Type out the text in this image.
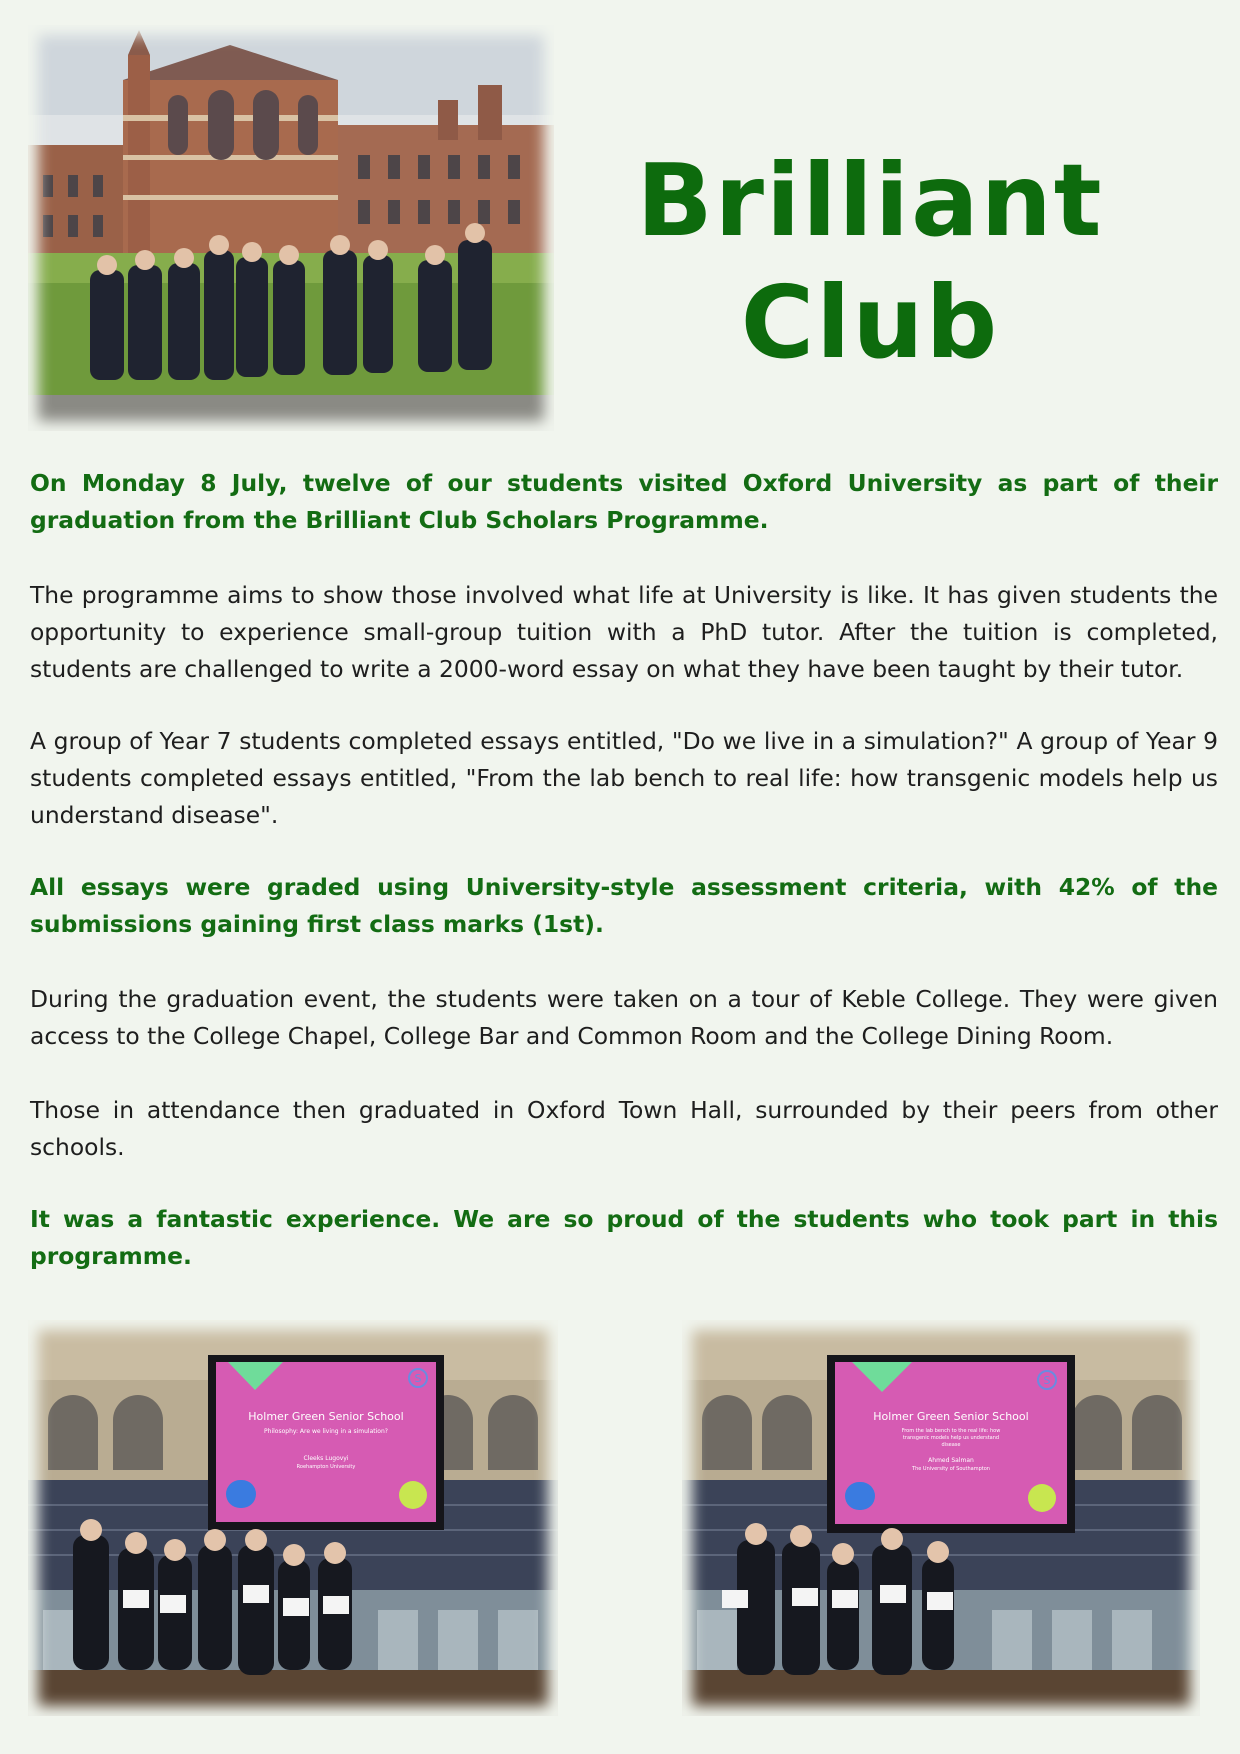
Brilliant
Club

On Monday 8 July, twelve of our students visited Oxford University as part of their graduation from the Brilliant Club Scholars Programme.

The programme aims to show those involved what life at University is like. It has given students the opportunity to experience small-group tuition with a PhD tutor. After the tuition is completed, students are challenged to write a 2000-word essay on what they have been taught by their tutor.

A group of Year 7 students completed essays entitled, "Do we live in a simulation?" A group of Year 9 students completed essays entitled, "From the lab bench to real life: how transgenic models help us understand disease".

All essays were graded using University-style assessment criteria, with 42% of the submissions gaining first class marks (1st).

During the graduation event, the students were taken on a tour of Keble College. They were given access to the College Chapel, College Bar and Common Room and the College Dining Room.

Those in attendance then graduated in Oxford Town Hall, surrounded by their peers from other schools.

It was a fantastic experience. We are so proud of the students who took part in this programme.

S
Holmer Green Senior School
Philosophy: Are we living in a simulation?
Cleeks Lugovyi
Roehampton University
S
Holmer Green Senior School
From the lab bench to the real life: how
transgenic models help us understand
disease
Ahmed Salman
The University of Southampton
